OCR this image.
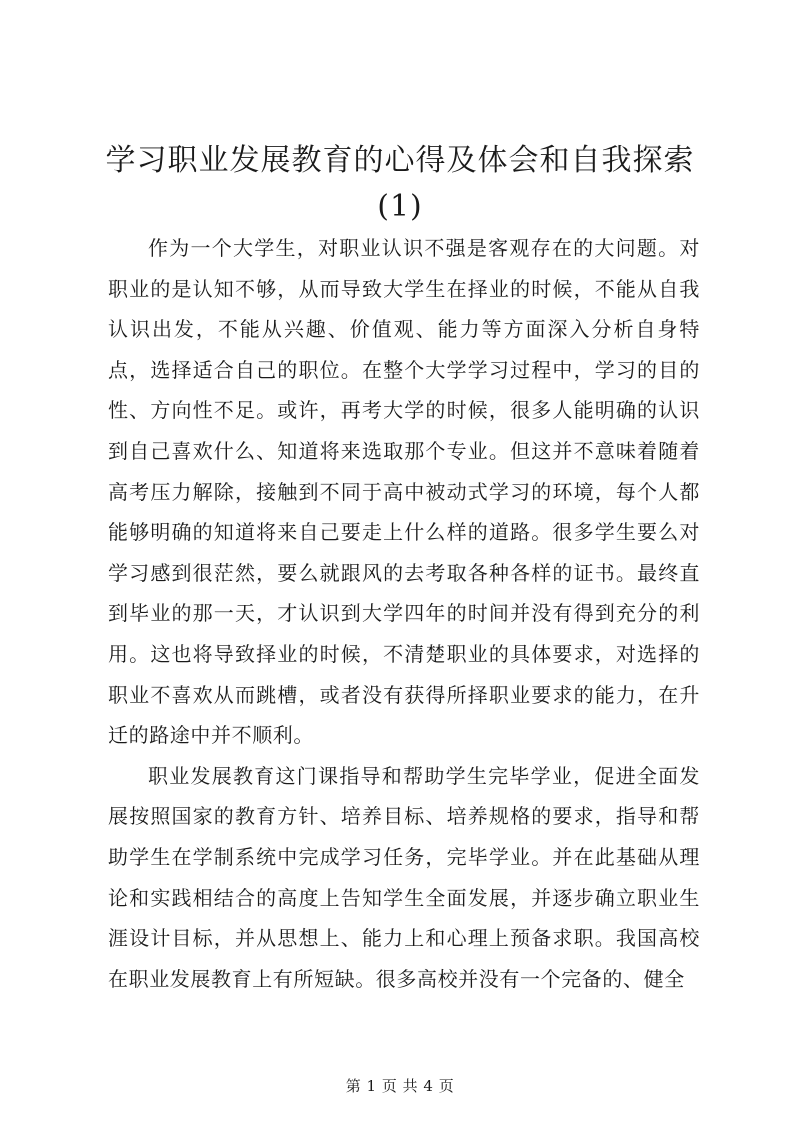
学习职业发展教育的心得及体会和自我探索(1)

作为一个大学生，对职业认识不强是客观存在的大问题。对职业的是认知不够，从而导致大学生在择业的时候，不能从自我认识出发，不能从兴趣、价值观、能力等方面深入分析自身特点，选择适合自己的职位。在整个大学学习过程中，学习的目的性、方向性不足。或许，再考大学的时候，很多人能明确的认识到自己喜欢什么、知道将来选取那个专业。但这并不意味着随着高考压力解除，接触到不同于高中被动式学习的环境，每个人都能够明确的知道将来自己要走上什么样的道路。很多学生要么对学习感到很茫然，要么就跟风的去考取各种各样的证书。最终直到毕业的那一天，才认识到大学四年的时间并没有得到充分的利用。这也将导致择业的时候，不清楚职业的具体要求，对选择的职业不喜欢从而跳槽，或者没有获得所择职业要求的能力，在升迁的路途中并不顺利。

职业发展教育这门课指导和帮助学生完毕学业，促进全面发展按照国家的教育方针、培养目标、培养规格的要求，指导和帮助学生在学制系统中完成学习任务，完毕学业。并在此基础从理论和实践相结合的高度上告知学生全面发展，并逐步确立职业生涯设计目标，并从思想上、能力上和心理上预备求职。我国高校在职业发展教育上有所短缺。很多高校并没有一个完备的、健全

第 1 页 共 4 页
